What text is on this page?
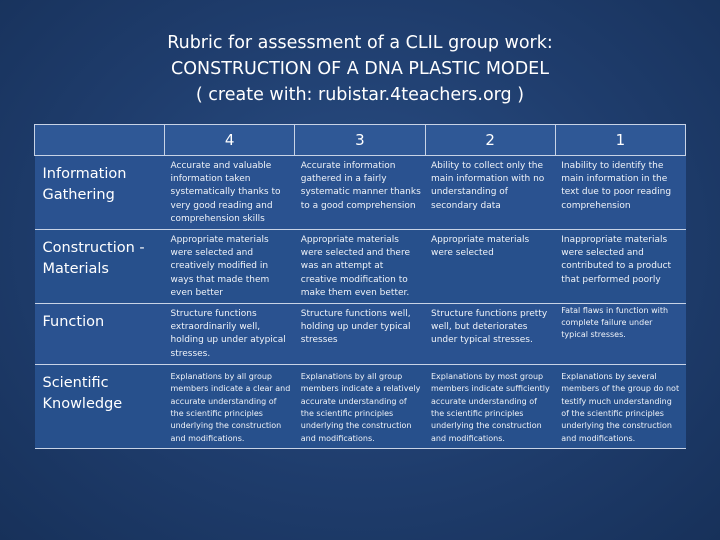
Rubric for assessment of a CLIL group work:
CONSTRUCTION OF A DNA PLASTIC MODEL
( create with: rubistar.4teachers.org )
	4	3	2	1
Information Gathering	Accurate and valuable information taken systematically thanks to very good reading and comprehension skills	Accurate information gathered in a fairly systematic manner thanks to a good comprehension	Ability to collect only the main information with no understanding of secondary data	Inability to identify the main information in the text due to poor reading comprehension
Construction - Materials	Appropriate materials were selected and creatively modified in ways that made them even better	Appropriate materials were selected and there was an attempt at creative modification to make them even better.	Appropriate materials were selected	Inappropriate materials were selected and contributed to a product that performed poorly
Function	Structure functions extraordinarily well, holding up under atypical stresses.	Structure functions well, holding up under typical stresses	Structure functions pretty well, but deteriorates under typical stresses.	Fatal flaws in function with complete failure under typical stresses.
Scientific Knowledge	Explanations by all group members indicate a clear and accurate understanding of the scientific principles underlying the construction and modifications.	Explanations by all group members indicate a relatively accurate understanding of the scientific principles underlying the construction and modifications.	Explanations by most group members indicate sufficiently accurate understanding of the scientific principles underlying the construction and modifications.	Explanations by several members of the group do not testify much understanding of the scientific principles underlying the construction and modifications.
